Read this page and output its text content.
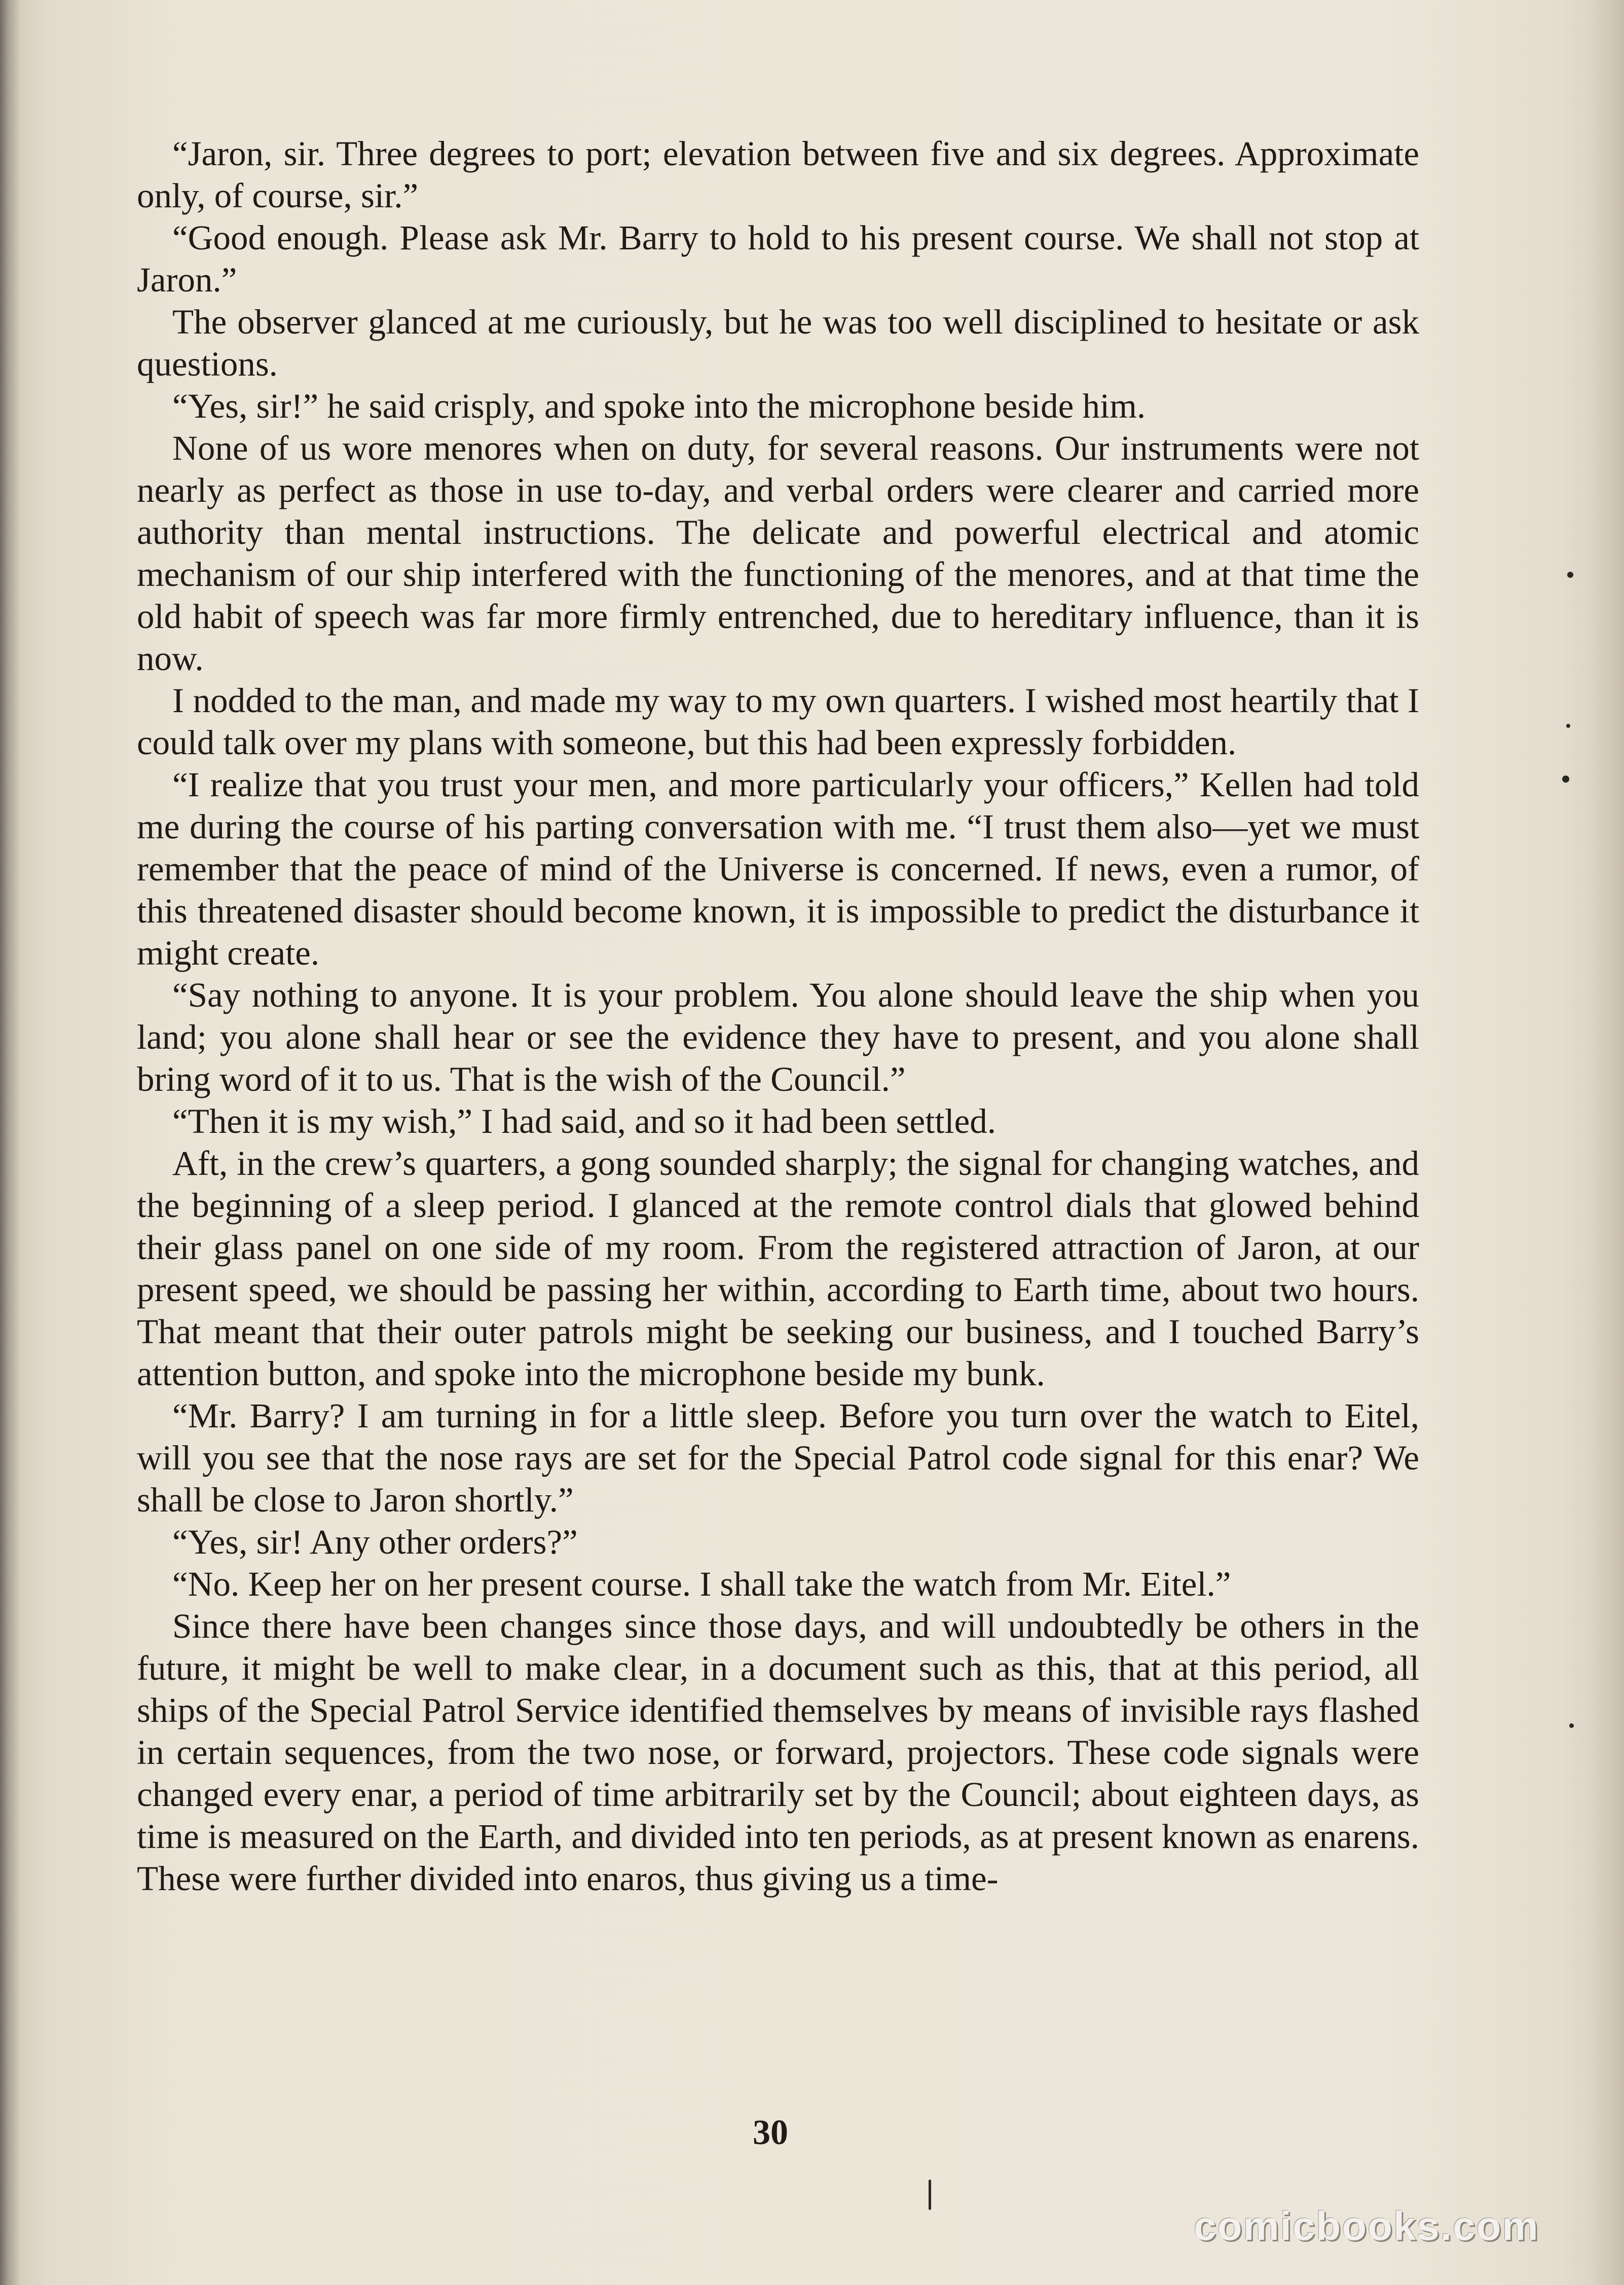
“Jaron, sir. Three degrees to port; elevation between five and six degrees. Approximate only, of course, sir.”

“Good enough. Please ask Mr. Barry to hold to his present course. We shall not stop at Jaron.”

The observer glanced at me curiously, but he was too well disciplined to hesitate or ask questions.

“Yes, sir!” he said crisply, and spoke into the microphone beside him.

None of us wore menores when on duty, for several reasons. Our instruments were not nearly as perfect as those in use to-day, and verbal orders were clearer and carried more authority than mental instructions. The delicate and powerful electrical and atomic mechanism of our ship interfered with the functioning of the menores, and at that time the old habit of speech was far more firmly entrenched, due to hereditary influence, than it is now.

I nodded to the man, and made my way to my own quarters. I wished most heartily that I could talk over my plans with someone, but this had been expressly forbidden.

“I realize that you trust your men, and more particularly your officers,” Kellen had told me during the course of his parting conversation with me. “I trust them also—yet we must remember that the peace of mind of the Universe is concerned. If news, even a rumor, of this threatened disaster should become known, it is impossible to predict the disturbance it might create.

“Say nothing to anyone. It is your problem. You alone should leave the ship when you land; you alone shall hear or see the evidence they have to present, and you alone shall bring word of it to us. That is the wish of the Council.”

“Then it is my wish,” I had said, and so it had been settled.

Aft, in the crew’s quarters, a gong sounded sharply; the signal for changing watches, and the beginning of a sleep period. I glanced at the remote control dials that glowed behind their glass panel on one side of my room. From the registered attraction of Jaron, at our present speed, we should be passing her within, according to Earth time, about two hours. That meant that their outer patrols might be seeking our business, and I touched Barry’s attention button, and spoke into the microphone beside my bunk.

“Mr. Barry? I am turning in for a little sleep. Before you turn over the watch to Eitel, will you see that the nose rays are set for the Special Patrol code signal for this enar? We shall be close to Jaron shortly.”

“Yes, sir! Any other orders?”

“No. Keep her on her present course. I shall take the watch from Mr. Eitel.”

Since there have been changes since those days, and will undoubtedly be others in the future, it might be well to make clear, in a document such as this, that at this period, all ships of the Special Patrol Service identified themselves by means of invisible rays flashed in certain sequences, from the two nose, or forward, projectors. These code signals were changed every enar, a period of time arbitrarily set by the Council; about eighteen days, as time is measured on the Earth, and divided into ten periods, as at present known as enarens. These were further divided into enaros, thus giving us a time-

30
comicbooks.com
